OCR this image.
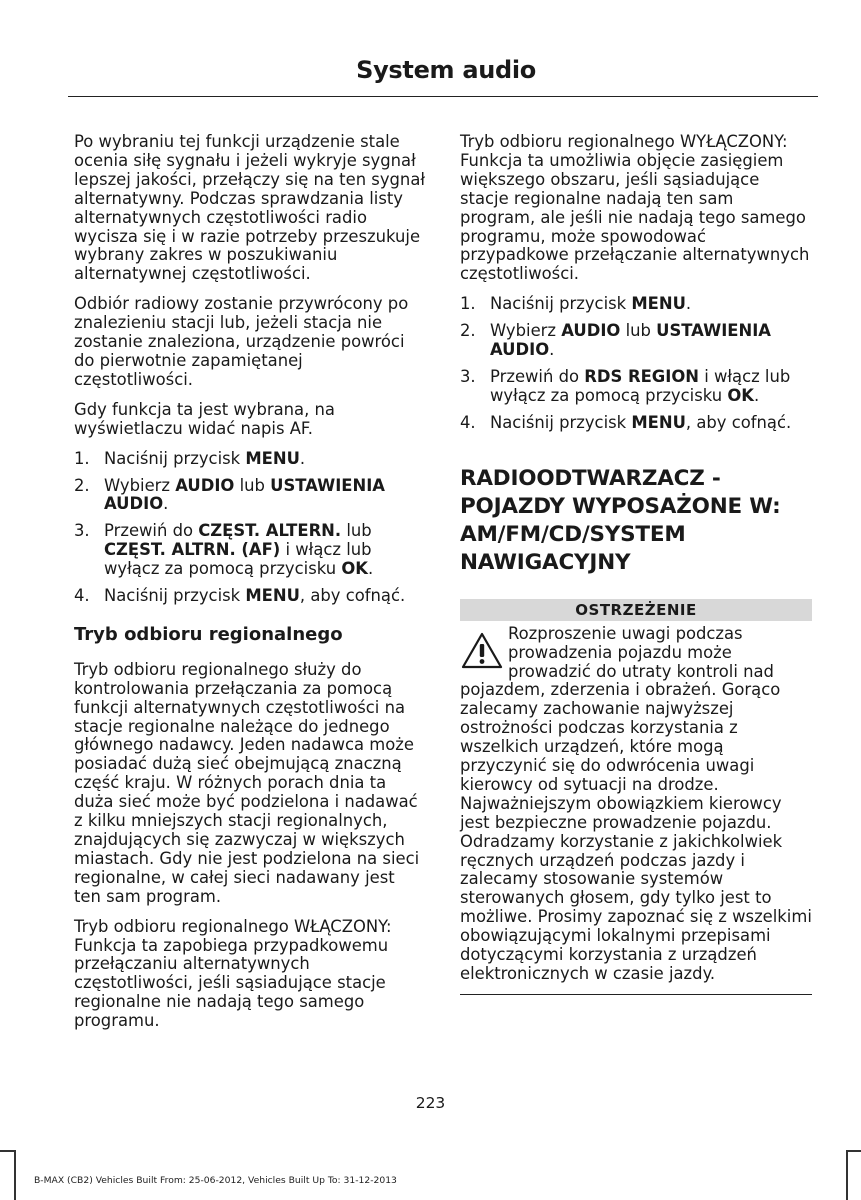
System audio

Po wybraniu tej funkcji urządzenie stale ocenia siłę sygnału i jeżeli wykryje sygnał lepszej jakości, przełączy się na ten sygnał alternatywny. Podczas sprawdzania listy alternatywnych częstotliwości radio wycisza się i w razie potrzeby przeszukuje wybrany zakres w poszukiwaniu alternatywnej częstotliwości.

Odbiór radiowy zostanie przywrócony po znalezieniu stacji lub, jeżeli stacja nie zostanie znaleziona, urządzenie powróci do pierwotnie zapamiętanej częstotliwości.

Gdy funkcja ta jest wybrana, na wyświetlaczu widać napis AF.

1. Naciśnij przycisk MENU.
2. Wybierz AUDIO lub USTAWIENIA AUDIO.
3. Przewiń do CZĘST. ALTERN. lub CZĘST. ALTRN. (AF) i włącz lub wyłącz za pomocą przycisku OK.
4. Naciśnij przycisk MENU, aby cofnąć.
Tryb odbioru regionalnego

Tryb odbioru regionalnego służy do kontrolowania przełączania za pomocą funkcji alternatywnych częstotliwości na stacje regionalne należące do jednego głównego nadawcy. Jeden nadawca może posiadać dużą sieć obejmującą znaczną część kraju. W różnych porach dnia ta duża sieć może być podzielona i nadawać z kilku mniejszych stacji regionalnych, znajdujących się zazwyczaj w większych miastach. Gdy nie jest podzielona na sieci regionalne, w całej sieci nadawany jest ten sam program.

Tryb odbioru regionalnego WŁĄCZONY: Funkcja ta zapobiega przypadkowemu przełączaniu alternatywnych częstotliwości, jeśli sąsiadujące stacje regionalne nie nadają tego samego programu.

Tryb odbioru regionalnego WYŁĄCZONY: Funkcja ta umożliwia objęcie zasięgiem większego obszaru, jeśli sąsiadujące stacje regionalne nadają ten sam program, ale jeśli nie nadają tego samego programu, może spowodować przypadkowe przełączanie alternatywnych częstotliwości.

1. Naciśnij przycisk MENU.
2. Wybierz AUDIO lub USTAWIENIA AUDIO.
3. Przewiń do RDS REGION i włącz lub wyłącz za pomocą przycisku OK.
4. Naciśnij przycisk MENU, aby cofnąć.
RADIOODTWARZACZ - POJAZDY WYPOSAŻONE W: AM/FM/CD/SYSTEM NAWIGACYJNY
OSTRZEŻENIE
Rozproszenie uwagi podczas prowadzenia pojazdu może prowadzić do utraty kontroli nad pojazdem, zderzenia i obrażeń. Gorąco zalecamy zachowanie najwyższej ostrożności podczas korzystania z wszelkich urządzeń, które mogą przyczynić się do odwrócenia uwagi kierowcy od sytuacji na drodze. Najważniejszym obowiązkiem kierowcy jest bezpieczne prowadzenie pojazdu. Odradzamy korzystanie z jakichkolwiek ręcznych urządzeń podczas jazdy i zalecamy stosowanie systemów sterowanych głosem, gdy tylko jest to możliwe. Prosimy zapoznać się z wszelkimi obowiązującymi lokalnymi przepisami dotyczącymi korzystania z urządzeń elektronicznych w czasie jazdy.
223
B-MAX (CB2) Vehicles Built From: 25-06-2012, Vehicles Built Up To: 31-12-2013
